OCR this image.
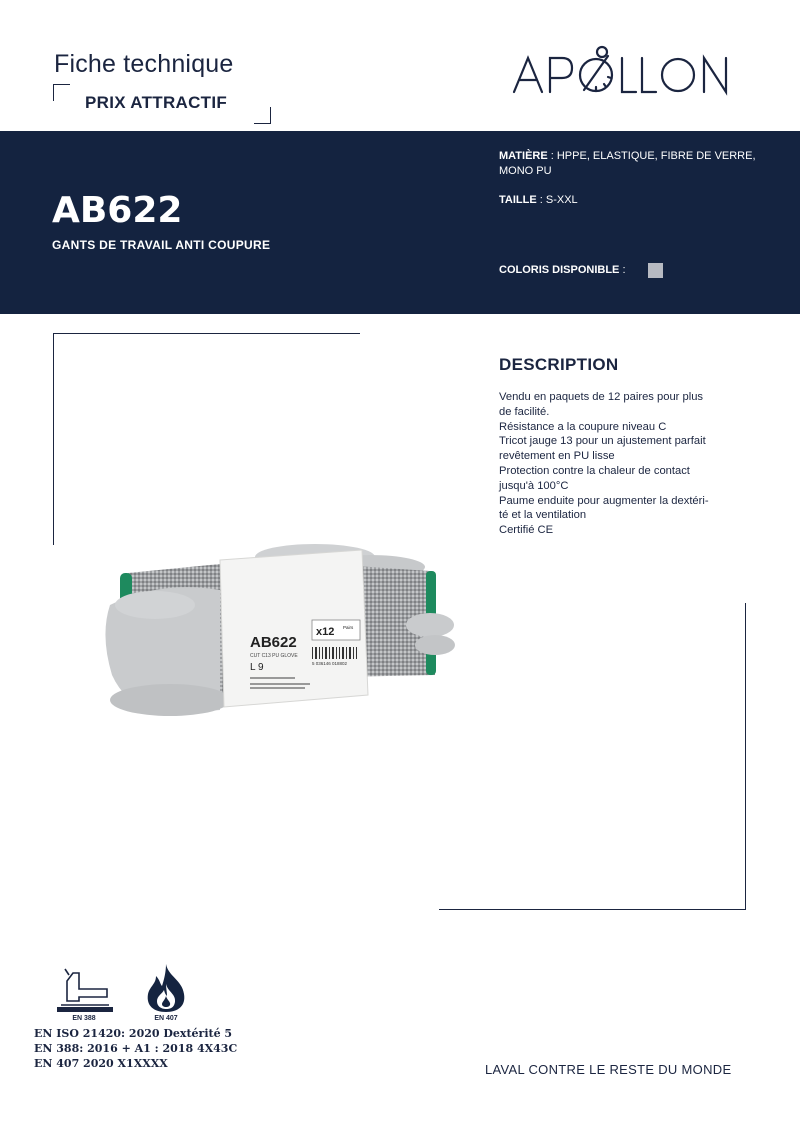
Fiche technique
PRIX ATTRACTIF
AB622
GANTS DE TRAVAIL ANTI COUPURE
MATIÈRE : HPPE, ELASTIQUE, FIBRE DE VERRE, MONO PU
TAILLE : S-XXL
COLORIS DISPONIBLE :
DESCRIPTION
Vendu en paquets de 12 paires pour plus de facilité.
Résistance a la coupure niveau C
Tricot jauge 13 pour un ajustement parfait revêtement en PU lisse
Protection contre la chaleur de contact jusqu'à 100°C
Paume enduite pour augmenter la dextéri-té et la ventilation
Certifié CE
AB622
CUT C13 PU GLOVE
L 9
x12 Pairs
5 036146 018802
EN 388	EN 407
EN ISO 21420: 2020 Dextérité 5
EN 388: 2016 + A1 : 2018 4X43C
EN 407 2020 X1XXXX	LAVAL CONTRE LE RESTE DU MONDE
